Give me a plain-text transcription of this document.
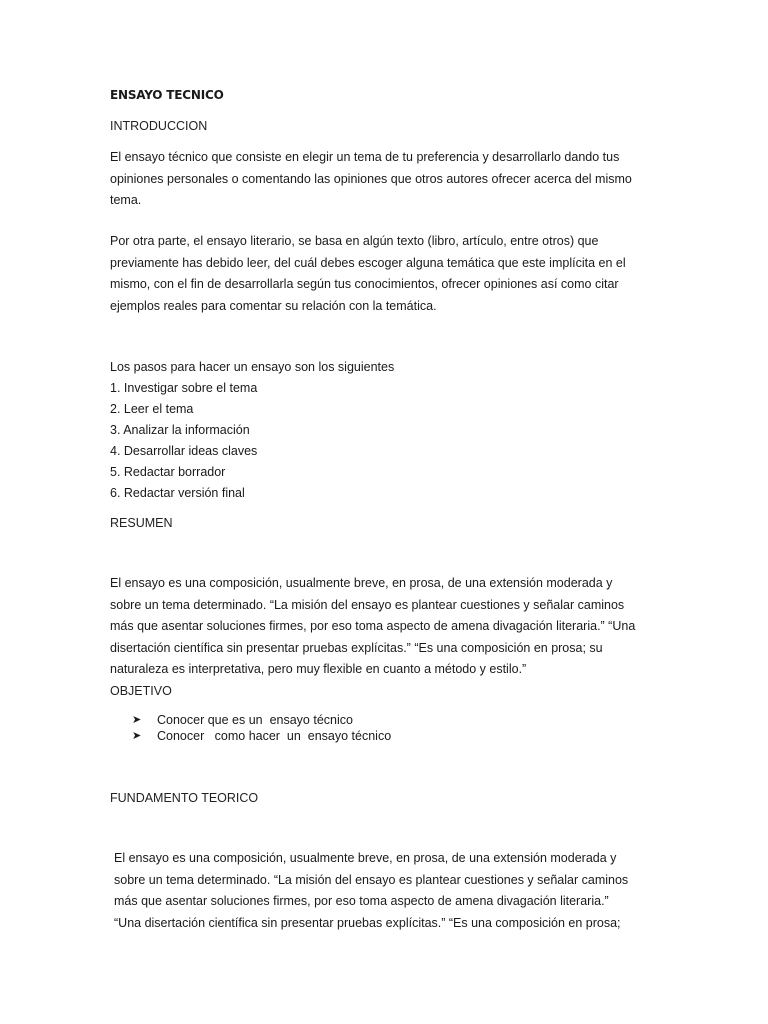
ENSAYO TECNICO
INTRODUCCION

El ensayo técnico que consiste en elegir un tema de tu preferencia y desarrollarlo dando tus
opiniones personales o comentando las opiniones que otros autores ofrecer acerca del mismo
tema.

Por otra parte, el ensayo literario, se basa en algún texto (libro, artículo, entre otros) que
previamente has debido leer, del cuál debes escoger alguna temática que este implícita en el
mismo, con el fin de desarrollarla según tus conocimientos, ofrecer opiniones así como citar
ejemplos reales para comentar su relación con la temática.

Los pasos para hacer un ensayo son los siguientes
1. Investigar sobre el tema
2. Leer el tema
3. Analizar la información
4. Desarrollar ideas claves
5. Redactar borrador
6. Redactar versión final
RESUMEN

El ensayo es una composición, usualmente breve, en prosa, de una extensión moderada y
sobre un tema determinado. “La misión del ensayo es plantear cuestiones y señalar caminos
más que asentar soluciones firmes, por eso toma aspecto de amena divagación literaria.” “Una
disertación científica sin presentar pruebas explícitas.” “Es una composición en prosa; su
naturaleza es interpretativa, pero muy flexible en cuanto a método y estilo.”

OBJETIVO
➤	Conocer que es un  ensayo técnico
➤	Conocer   como hacer  un  ensayo técnico
FUNDAMENTO TEORICO

El ensayo es una composición, usualmente breve, en prosa, de una extensión moderada y
sobre un tema determinado. “La misión del ensayo es plantear cuestiones y señalar caminos
más que asentar soluciones firmes, por eso toma aspecto de amena divagación literaria.”
“Una disertación científica sin presentar pruebas explícitas.” “Es una composición en prosa;
